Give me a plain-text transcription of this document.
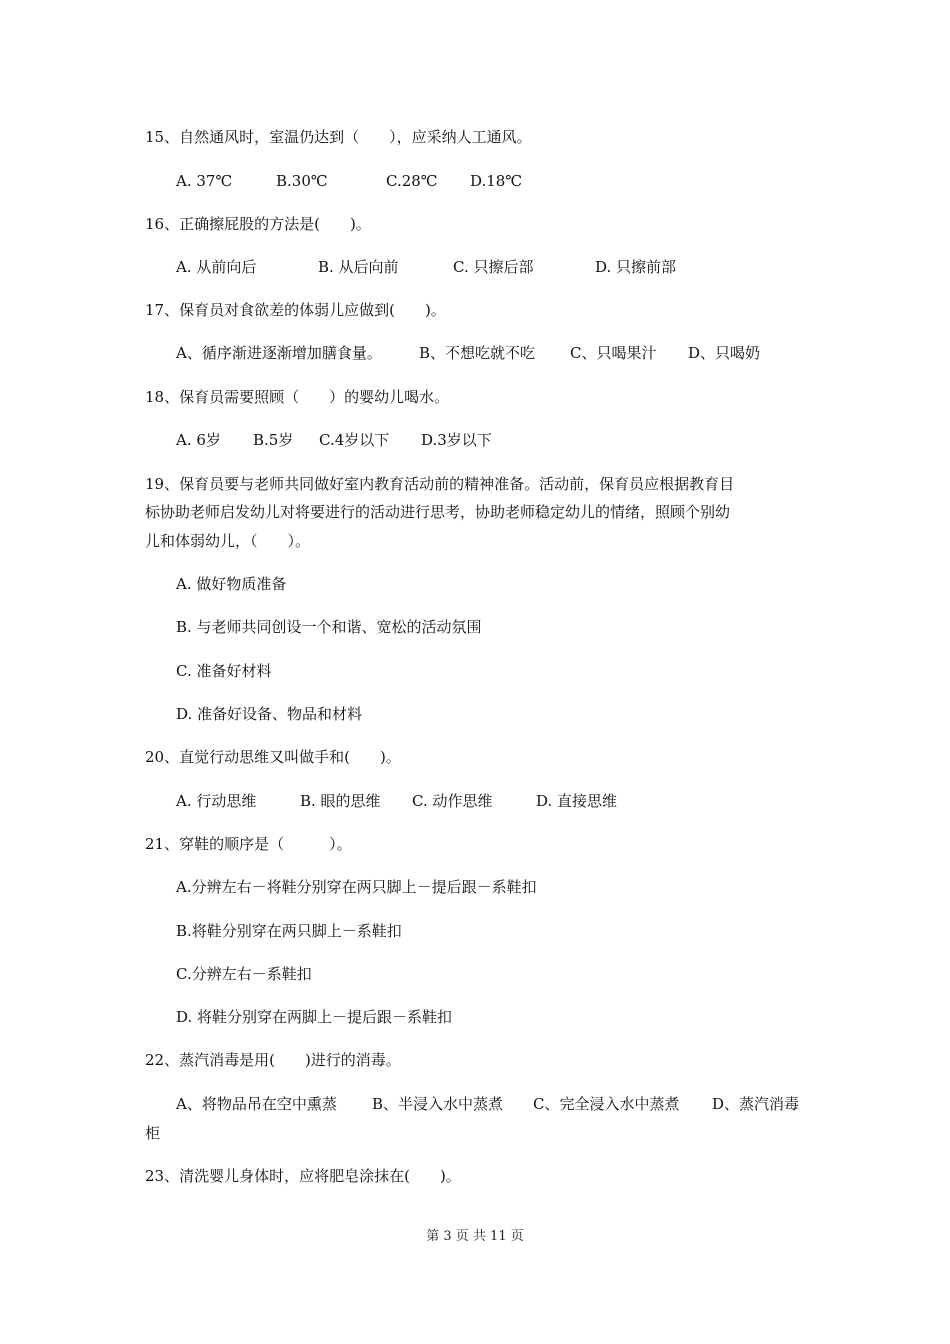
15、自然通风时，室温仍达到（　　），应采纳人工通风。
A. 37℃	B.30℃	C.28℃ D.18℃
16、正确擦屁股的方法是(　　)。
A. 从前向后	B. 从后向前	C. 只擦后部	D. 只擦前部
17、保育员对食欲差的体弱儿应做到(　　)。
A、循序渐进逐渐增加膳食量。 B、不想吃就不吃 C、只喝果汁 D、只喝奶
18、保育员需要照顾（　　）的婴幼儿喝水。
A. 6岁 B.5岁 C.4岁以下 D.3岁以下
19、保育员要与老师共同做好室内教育活动前的精神准备。活动前，保育员应根据教育目
标协助老师启发幼儿对将要进行的活动进行思考，协助老师稳定幼儿的情绪，照顾个别幼
儿和体弱幼儿，（　　）。
A. 做好物质准备
B. 与老师共同创设一个和谐、宽松的活动氛围
C. 准备好材料
D. 准备好设备、物品和材料
20、直觉行动思维又叫做手和(　　)。
A. 行动思维	B. 眼的思维 C. 动作思维	D. 直接思维
21、穿鞋的顺序是（　　　）。
A.分辨左右－将鞋分别穿在两只脚上－提后跟－系鞋扣
B.将鞋分别穿在两只脚上－系鞋扣
C.分辨左右－系鞋扣
D. 将鞋分别穿在两脚上－提后跟－系鞋扣
22、蒸汽消毒是用(　　)进行的消毒。
A、将物品吊在空中熏蒸 B、半浸入水中蒸煮 C、完全浸入水中蒸煮 D、蒸汽消毒
柜
23、清洗婴儿身体时，应将肥皂涂抹在(　　)。
第 3 页 共 11 页
